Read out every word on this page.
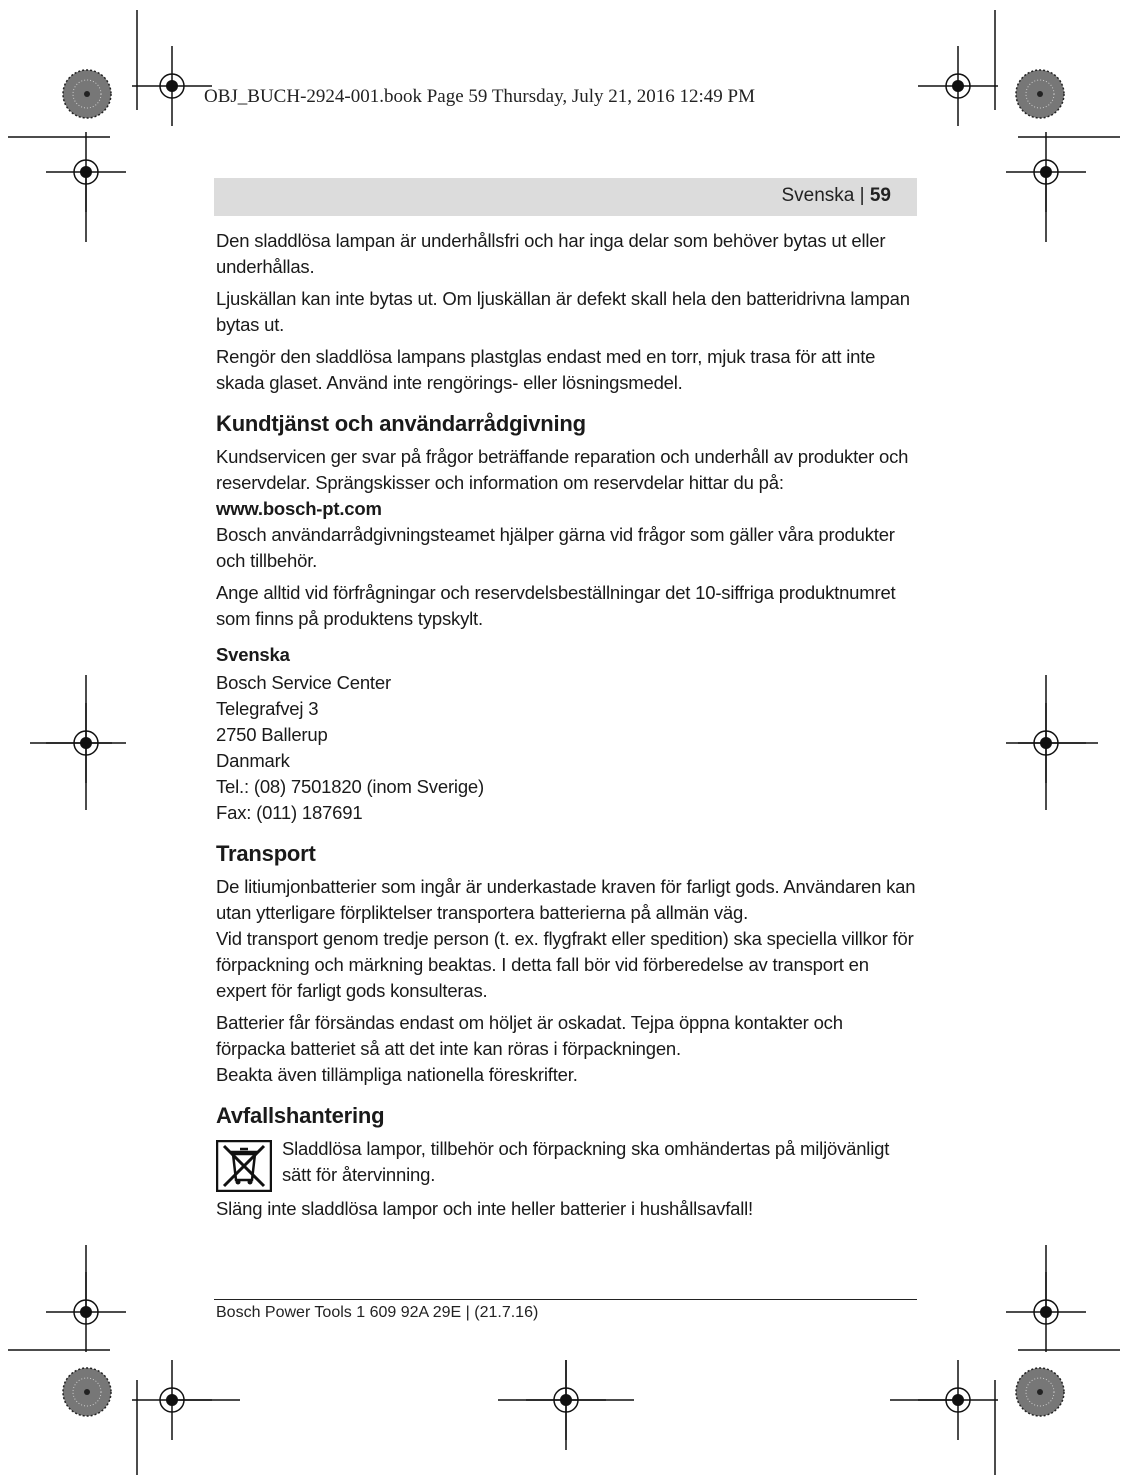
OBJ_BUCH-2924-001.book Page 59 Thursday, July 21, 2016 12:49 PM
Svenska | 59

Den sladdlösa lampan är underhållsfri och har inga delar som behöver bytas ut eller underhållas.

Ljuskällan kan inte bytas ut. Om ljuskällan är defekt skall hela den batteridrivna lampan bytas ut.

Rengör den sladdlösa lampans plastglas endast med en torr, mjuk trasa för att inte skada glaset. Använd inte rengörings- eller lösningsmedel.

Kundtjänst och användarrådgivning

Kundservicen ger svar på frågor beträffande reparation och underhåll av produkter och reservdelar. Sprängskisser och information om reservdelar hittar du på:

www.bosch-pt.com

Bosch användarrådgivningsteamet hjälper gärna vid frågor som gäller våra produkter och tillbehör.

Ange alltid vid förfrågningar och reservdelsbeställningar det 10-siffriga produktnumret som finns på produktens typskylt.

Svenska

Bosch Service Center

Telegrafvej 3

2750 Ballerup

Danmark

Tel.: (08) 7501820 (inom Sverige)

Fax: (011) 187691

Transport

De litiumjonbatterier som ingår är underkastade kraven för farligt gods. Användaren kan utan ytterligare förpliktelser transportera batterierna på allmän väg.

Vid transport genom tredje person (t. ex. flygfrakt eller spedition) ska speciella villkor för förpackning och märkning beaktas. I detta fall bör vid förberedelse av transport en expert för farligt gods konsulteras.

Batterier får försändas endast om höljet är oskadat. Tejpa öppna kontakter och förpacka batteriet så att det inte kan röras i förpackningen.

Beakta även tillämpliga nationella föreskrifter.

Avfallshantering

Sladdlösa lampor, tillbehör och förpackning ska omhändertas på miljövänligt sätt för återvinning.

Släng inte sladdlösa lampor och inte heller batterier i hushållsavfall!

Bosch Power Tools 1 609 92A 29E | (21.7.16)
